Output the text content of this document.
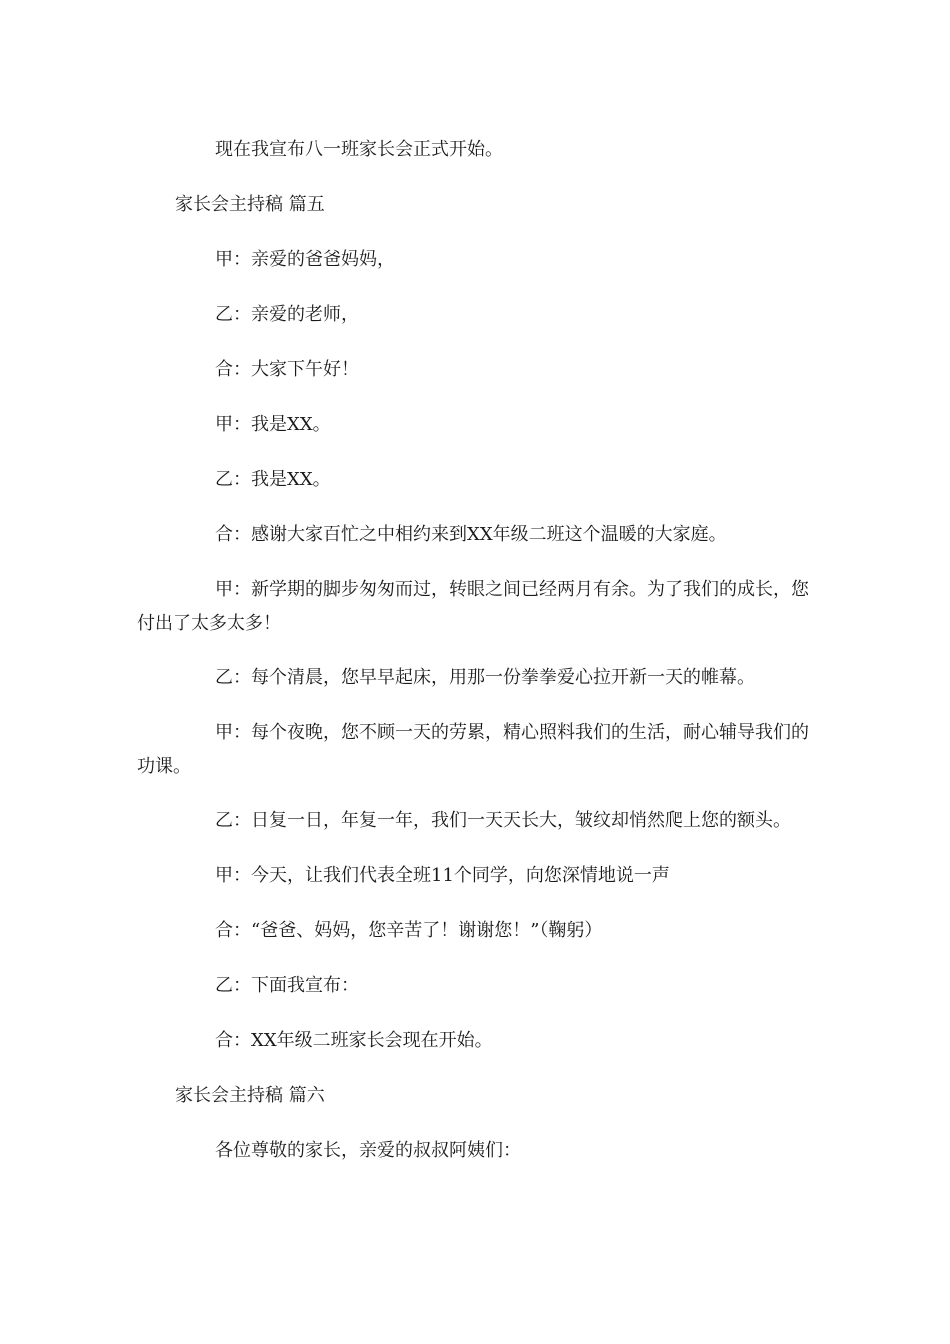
现在我宣布八一班家长会正式开始。
家长会主持稿 篇五
甲：亲爱的爸爸妈妈，
乙：亲爱的老师，
合：大家下午好！
甲：我是XX。
乙：我是XX。
合：感谢大家百忙之中相约来到XX年级二班这个温暖的大家庭。
甲：新学期的脚步匆匆而过，转眼之间已经两月有余。为了我们的成长，您付出了太多太多！
乙：每个清晨，您早早起床，用那一份拳拳爱心拉开新一天的帷幕。
甲：每个夜晚，您不顾一天的劳累，精心照料我们的生活，耐心辅导我们的功课。
乙：日复一日，年复一年，我们一天天长大，皱纹却悄然爬上您的额头。
甲：今天，让我们代表全班11个同学，向您深情地说一声
合：“爸爸、妈妈，您辛苦了！谢谢您！”（鞠躬）
乙：下面我宣布：
合：XX年级二班家长会现在开始。
家长会主持稿 篇六
各位尊敬的家长，亲爱的叔叔阿姨们：
